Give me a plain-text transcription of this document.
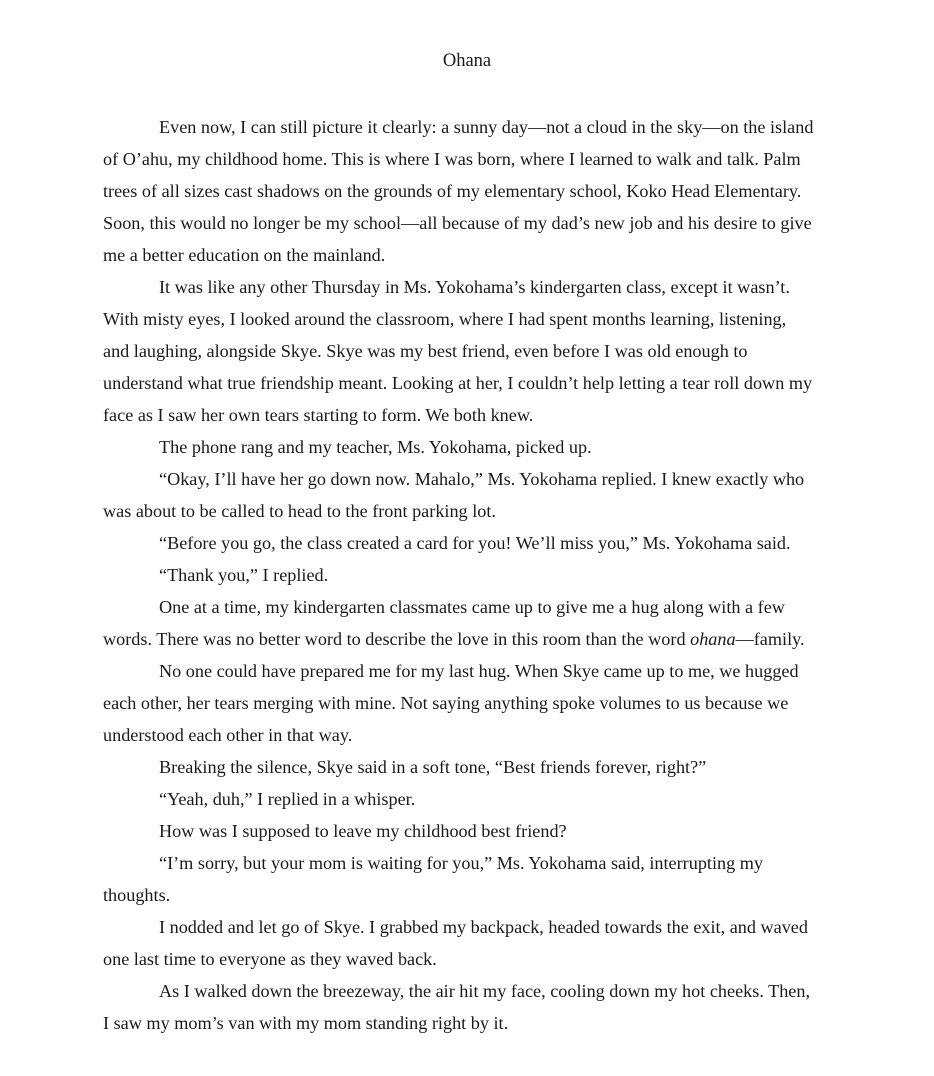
Ohana
Even now, I can still picture it clearly: a sunny day—not a cloud in the sky—on the island
of O’ahu, my childhood home. This is where I was born, where I learned to walk and talk. Palm
trees of all sizes cast shadows on the grounds of my elementary school, Koko Head Elementary.
Soon, this would no longer be my school—all because of my dad’s new job and his desire to give
me a better education on the mainland.
It was like any other Thursday in Ms. Yokohama’s kindergarten class, except it wasn’t.
With misty eyes, I looked around the classroom, where I had spent months learning, listening,
and laughing, alongside Skye. Skye was my best friend, even before I was old enough to
understand what true friendship meant. Looking at her, I couldn’t help letting a tear roll down my
face as I saw her own tears starting to form. We both knew.
The phone rang and my teacher, Ms. Yokohama, picked up.
“Okay, I’ll have her go down now. Mahalo,” Ms. Yokohama replied. I knew exactly who
was about to be called to head to the front parking lot.
“Before you go, the class created a card for you! We’ll miss you,” Ms. Yokohama said.
“Thank you,” I replied.
One at a time, my kindergarten classmates came up to give me a hug along with a few
words. There was no better word to describe the love in this room than the word ohana—family.
No one could have prepared me for my last hug. When Skye came up to me, we hugged
each other, her tears merging with mine. Not saying anything spoke volumes to us because we
understood each other in that way.
Breaking the silence, Skye said in a soft tone, “Best friends forever, right?”
“Yeah, duh,” I replied in a whisper.
How was I supposed to leave my childhood best friend?
“I’m sorry, but your mom is waiting for you,” Ms. Yokohama said, interrupting my
thoughts.
I nodded and let go of Skye. I grabbed my backpack, headed towards the exit, and waved
one last time to everyone as they waved back.
As I walked down the breezeway, the air hit my face, cooling down my hot cheeks. Then,
I saw my mom’s van with my mom standing right by it.
